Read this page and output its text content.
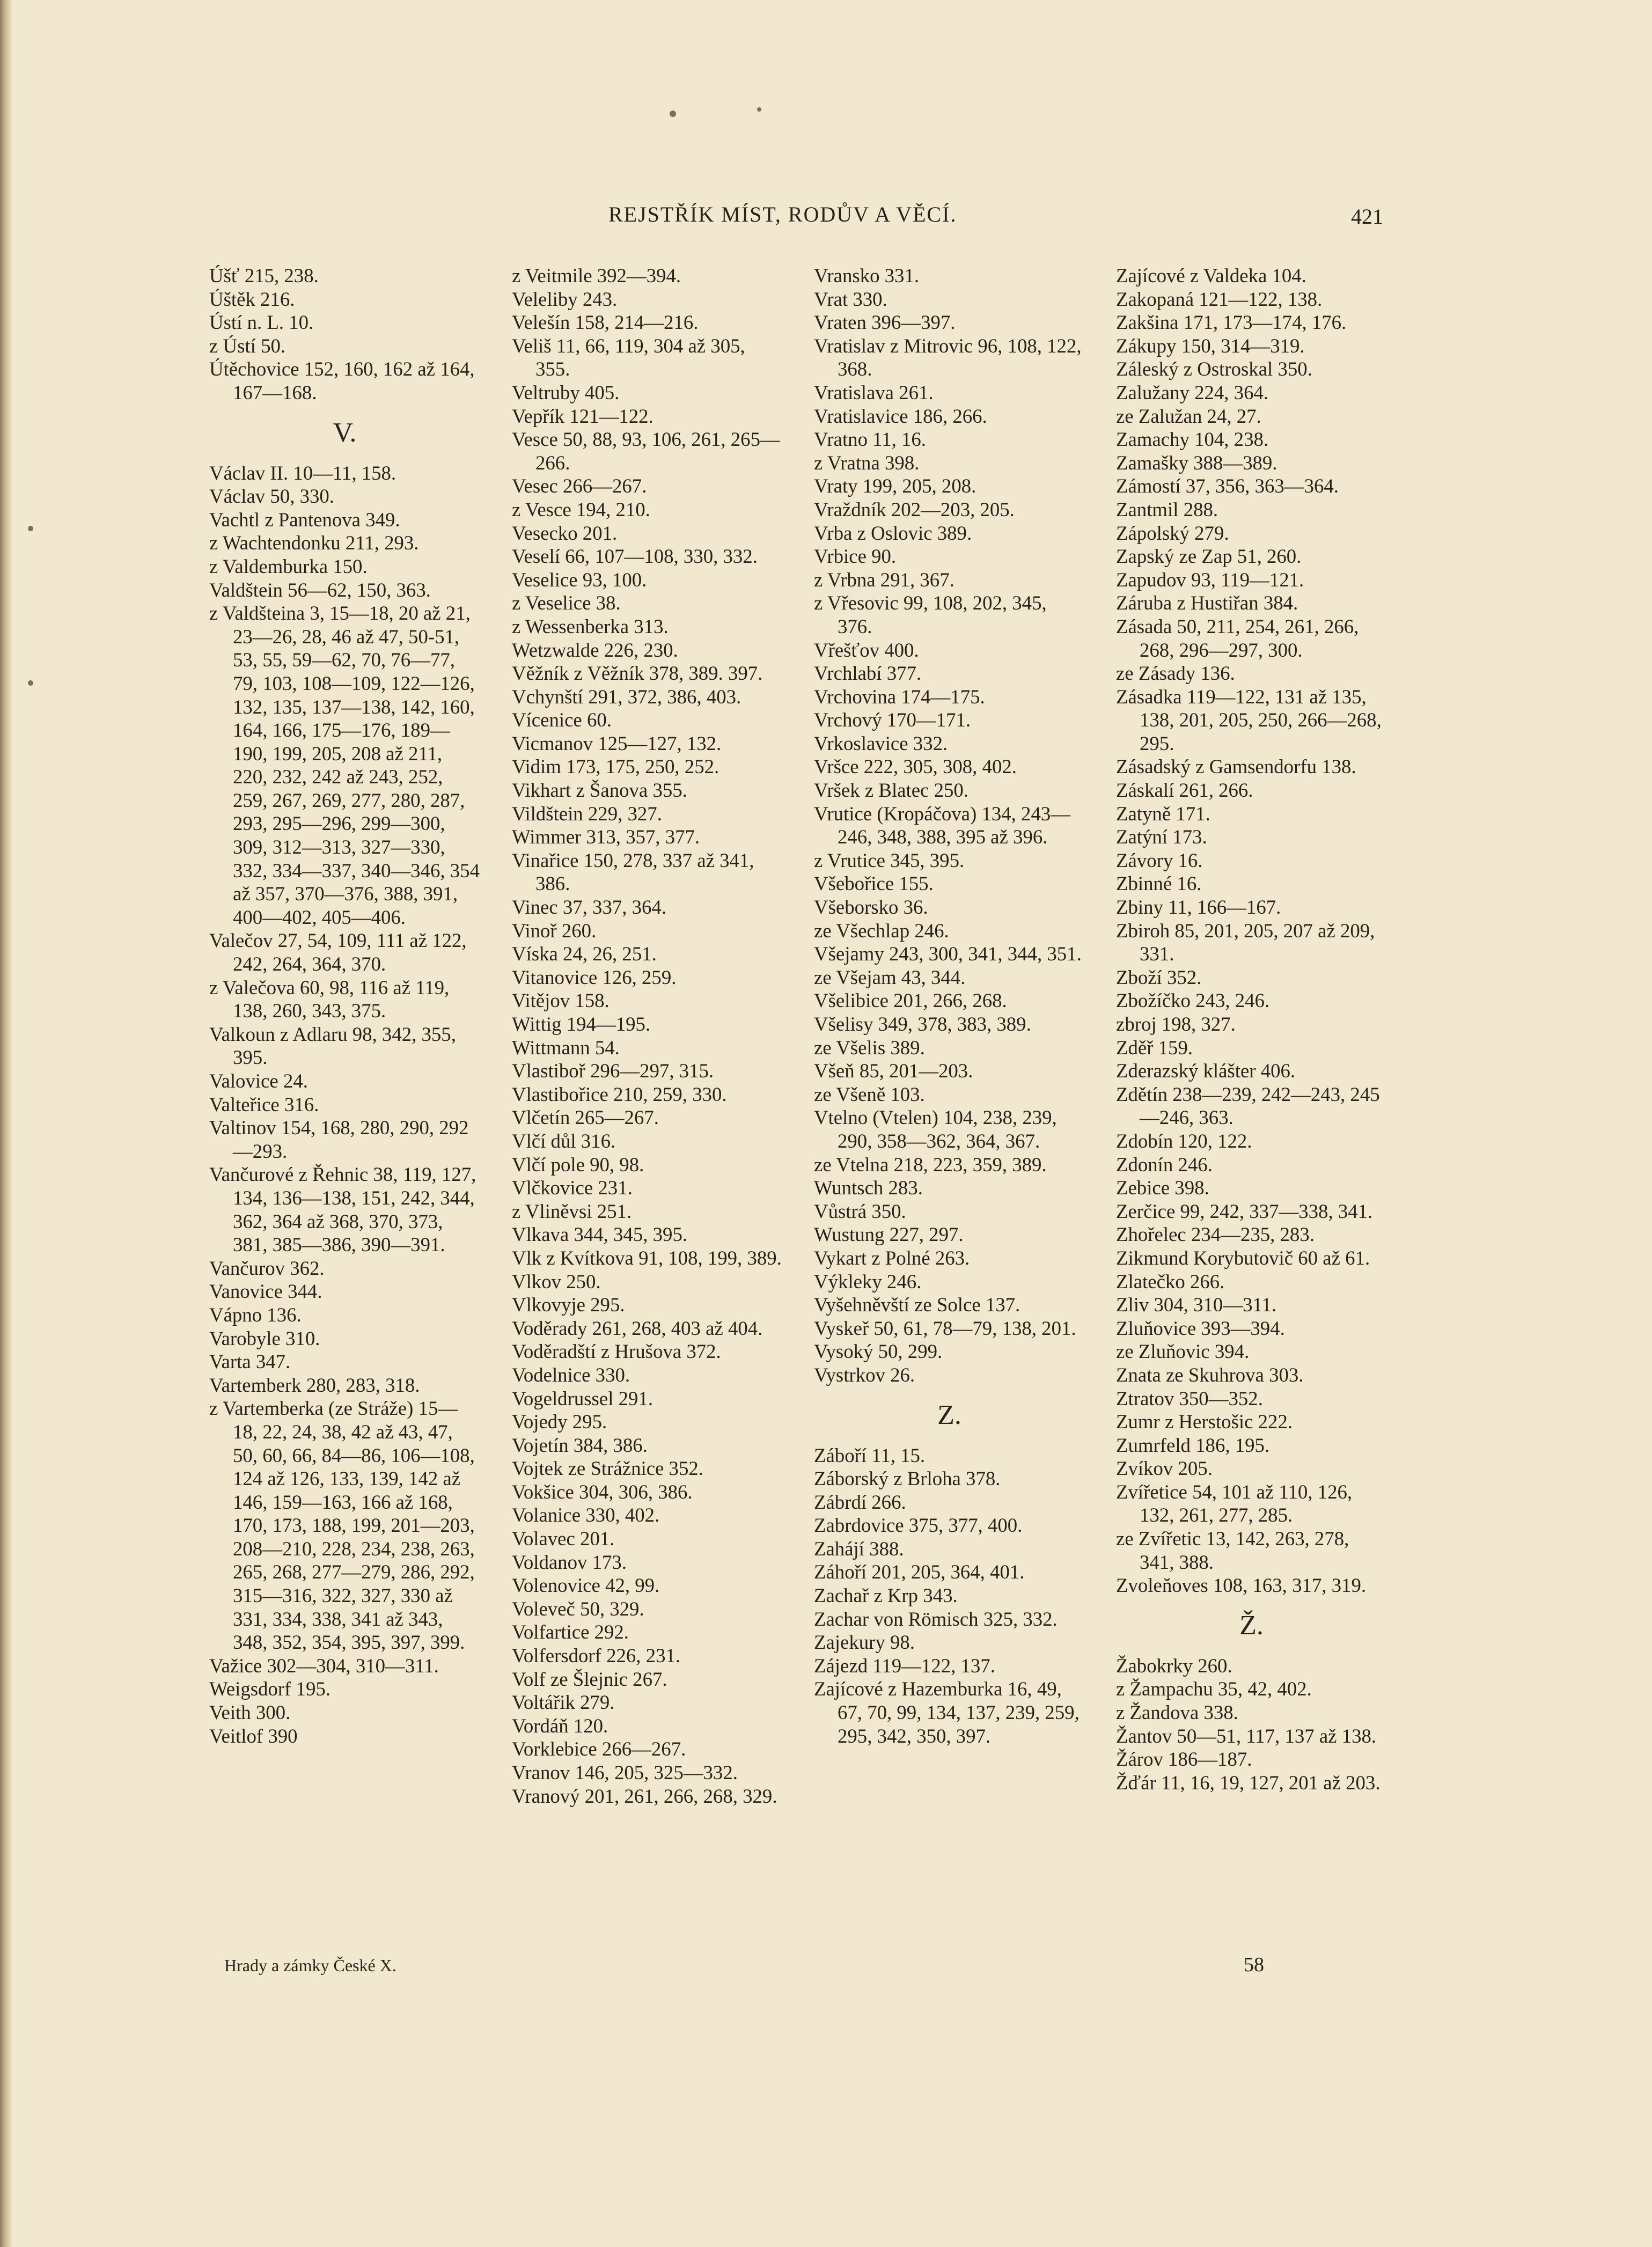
REJSTŘÍK MÍST, RODŮV A VĚCÍ.	421
Úšť 215, 238.
Úštěk 216.
Ústí n. L. 10.
z Ústí 50.
Útěchovice 152, 160, 162 až 164, 167—168.
V.
Václav II. 10—11, 158.
Václav 50, 330.
Vachtl z Pantenova 349.
z Wachtendonku 211, 293.
z Valdemburka 150.
Valdštein 56—62, 150, 363.
z Valdšteina 3, 15—18, 20 až 21, 23—26, 28, 46 až 47, 50-51, 53, 55, 59—62, 70, 76—77, 79, 103, 108—109, 122—126, 132, 135, 137—138, 142, 160, 164, 166, 175—176, 189—190, 199, 205, 208 až 211, 220, 232, 242 až 243, 252, 259, 267, 269, 277, 280, 287, 293, 295—296, 299—300, 309, 312—313, 327—330, 332, 334—337, 340—346, 354 až 357, 370—376, 388, 391, 400—402, 405—406.
Valečov 27, 54, 109, 111 až 122, 242, 264, 364, 370.
z Valečova 60, 98, 116 až 119, 138, 260, 343, 375.
Valkoun z Adlaru 98, 342, 355, 395.
Valovice 24.
Valteřice 316.
Valtinov 154, 168, 280, 290, 292—293.
Vančurové z Řehnic 38, 119, 127, 134, 136—138, 151, 242, 344, 362, 364 až 368, 370, 373, 381, 385—386, 390—391.
Vančurov 362.
Vanovice 344.
Vápno 136.
Varobyle 310.
Varta 347.
Vartemberk 280, 283, 318.
z Vartemberka (ze Stráže) 15—18, 22, 24, 38, 42 až 43, 47, 50, 60, 66, 84—86, 106—108, 124 až 126, 133, 139, 142 až 146, 159—163, 166 až 168, 170, 173, 188, 199, 201—203, 208—210, 228, 234, 238, 263, 265, 268, 277—279, 286, 292, 315—316, 322, 327, 330 až 331, 334, 338, 341 až 343, 348, 352, 354, 395, 397, 399.
Važice 302—304, 310—311.
Weigsdorf 195.
Veith 300.
Veitlof 390
z Veitmile 392—394.
Veleliby 243.
Velešín 158, 214—216.
Veliš 11, 66, 119, 304 až 305, 355.
Veltruby 405.
Vepřík 121—122.
Vesce 50, 88, 93, 106, 261, 265—266.
Vesec 266—267.
z Vesce 194, 210.
Vesecko 201.
Veselí 66, 107—108, 330, 332.
Veselice 93, 100.
z Veselice 38.
z Wessenberka 313.
Wetzwalde 226, 230.
Věžník z Věžník 378, 389. 397.
Vchynští 291, 372, 386, 403.
Vícenice 60.
Vicmanov 125—127, 132.
Vidim 173, 175, 250, 252.
Vikhart z Šanova 355.
Vildštein 229, 327.
Wimmer 313, 357, 377.
Vinařice 150, 278, 337 až 341, 386.
Vinec 37, 337, 364.
Vinoř 260.
Víska 24, 26, 251.
Vitanovice 126, 259.
Vitějov 158.
Wittig 194—195.
Wittmann 54.
Vlastiboř 296—297, 315.
Vlastibořice 210, 259, 330.
Vlčetín 265—267.
Vlčí důl 316.
Vlčí pole 90, 98.
Vlčkovice 231.
z Vliněvsi 251.
Vlkava 344, 345, 395.
Vlk z Kvítkova 91, 108, 199, 389.
Vlkov 250.
Vlkovyje 295.
Voděrady 261, 268, 403 až 404.
Voděradští z Hrušova 372.
Vodelnice 330.
Vogeldrussel 291.
Vojedy 295.
Vojetín 384, 386.
Vojtek ze Strážnice 352.
Vokšice 304, 306, 386.
Volanice 330, 402.
Volavec 201.
Voldanov 173.
Volenovice 42, 99.
Voleveč 50, 329.
Volfartice 292.
Volfersdorf 226, 231.
Volf ze Šlejnic 267.
Voltářik 279.
Vordáň 120.
Vorklebice 266—267.
Vranov 146, 205, 325—332.
Vranový 201, 261, 266, 268, 329.
Vransko 331.
Vrat 330.
Vraten 396—397.
Vratislav z Mitrovic 96, 108, 122, 368.
Vratislava 261.
Vratislavice 186, 266.
Vratno 11, 16.
z Vratna 398.
Vraty 199, 205, 208.
Vraždník 202—203, 205.
Vrba z Oslovic 389.
Vrbice 90.
z Vrbna 291, 367.
z Vřesovic 99, 108, 202, 345, 376.
Vřešťov 400.
Vrchlabí 377.
Vrchovina 174—175.
Vrchový 170—171.
Vrkoslavice 332.
Vršce 222, 305, 308, 402.
Vršek z Blatec 250.
Vrutice (Kropáčova) 134, 243—246, 348, 388, 395 až 396.
z Vrutice 345, 395.
Všebořice 155.
Všeborsko 36.
ze Všechlap 246.
Všejamy 243, 300, 341, 344, 351.
ze Všejam 43, 344.
Všelibice 201, 266, 268.
Všelisy 349, 378, 383, 389.
ze Všelis 389.
Všeň 85, 201—203.
ze Všeně 103.
Vtelno (Vtelen) 104, 238, 239, 290, 358—362, 364, 367.
ze Vtelna 218, 223, 359, 389.
Wuntsch 283.
Vůstrá 350.
Wustung 227, 297.
Vykart z Polné 263.
Výkleky 246.
Vyšehněvští ze Solce 137.
Vyskeř 50, 61, 78—79, 138, 201.
Vysoký 50, 299.
Vystrkov 26.
Z.
Záboří 11, 15.
Záborský z Brloha 378.
Zábrdí 266.
Zabrdovice 375, 377, 400.
Zahájí 388.
Záhoří 201, 205, 364, 401.
Zachař z Krp 343.
Zachar von Römisch 325, 332.
Zajekury 98.
Zájezd 119—122, 137.
Zajícové z Hazemburka 16, 49, 67, 70, 99, 134, 137, 239, 259, 295, 342, 350, 397.
Zajícové z Valdeka 104.
Zakopaná 121—122, 138.
Zakšina 171, 173—174, 176.
Zákupy 150, 314—319.
Záleský z Ostroskal 350.
Zalužany 224, 364.
ze Zalužan 24, 27.
Zamachy 104, 238.
Zamašky 388—389.
Zámostí 37, 356, 363—364.
Zantmil 288.
Zápolský 279.
Zapský ze Zap 51, 260.
Zapudov 93, 119—121.
Záruba z Hustiřan 384.
Zásada 50, 211, 254, 261, 266, 268, 296—297, 300.
ze Zásady 136.
Zásadka 119—122, 131 až 135, 138, 201, 205, 250, 266—268, 295.
Zásadský z Gamsendorfu 138.
Záskalí 261, 266.
Zatyně 171.
Zatýní 173.
Závory 16.
Zbinné 16.
Zbiny 11, 166—167.
Zbiroh 85, 201, 205, 207 až 209, 331.
Zboží 352.
Zbožíčko 243, 246.
zbroj 198, 327.
Zděř 159.
Zderazský klášter 406.
Zdětín 238—239, 242—243, 245—246, 363.
Zdobín 120, 122.
Zdonín 246.
Zebice 398.
Zerčice 99, 242, 337—338, 341.
Zhořelec 234—235, 283.
Zikmund Korybutovič 60 až 61.
Zlatečko 266.
Zliv 304, 310—311.
Zluňovice 393—394.
ze Zluňovic 394.
Znata ze Skuhrova 303.
Ztratov 350—352.
Zumr z Herstošic 222.
Zumrfeld 186, 195.
Zvíkov 205.
Zvířetice 54, 101 až 110, 126, 132, 261, 277, 285.
ze Zvířetic 13, 142, 263, 278, 341, 388.
Zvoleňoves 108, 163, 317, 319.
Ž.
Žabokrky 260.
z Žampachu 35, 42, 402.
z Žandova 338.
Žantov 50—51, 117, 137 až 138.
Žárov 186—187.
Žďár 11, 16, 19, 127, 201 až 203.
Hrady a zámky České X.	58
